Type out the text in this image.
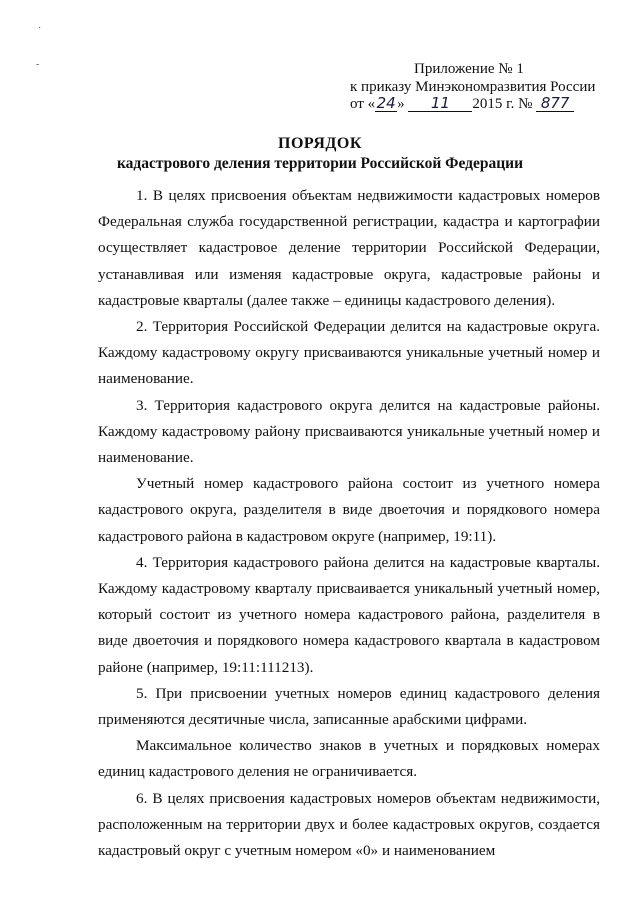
·
-	Приложение № 1
к приказу Минэкономразвития России
от «24» 11 2015 г. № 877
ПОРЯДОК
кадастрового деления территории Российской Федерации

1. В целях присвоения объектам недвижимости кадастровых номеров Федеральная служба государственной регистрации, кадастра и картографии осуществляет кадастровое деление территории Российской Федерации, устанавливая или изменяя кадастровые округа, кадастровые районы и кадастровые кварталы (далее также – единицы кадастрового деления).

2. Территория Российской Федерации делится на кадастровые округа. Каждому кадастровому округу присваиваются уникальные учетный номер и наименование.

3. Территория кадастрового округа делится на кадастровые районы. Каждому кадастровому району присваиваются уникальные учетный номер и наименование.

Учетный номер кадастрового района состоит из учетного номера кадастрового округа, разделителя в виде двоеточия и порядкового номера кадастрового района в кадастровом округе (например, 19:11).

4. Территория кадастрового района делится на кадастровые кварталы. Каждому кадастровому кварталу присваивается уникальный учетный номер, который состоит из учетного номера кадастрового района, разделителя в виде двоеточия и порядкового номера кадастрового квартала в кадастровом районе (например, 19:11:111213).

5. При присвоении учетных номеров единиц кадастрового деления применяются десятичные числа, записанные арабскими цифрами.

Максимальное количество знаков в учетных и порядковых номерах единиц кадастрового деления не ограничивается.

6. В целях присвоения кадастровых номеров объектам недвижимости, расположенным на территории двух и более кадастровых округов, создается кадастровый округ с учетным номером «0» и наименованием
